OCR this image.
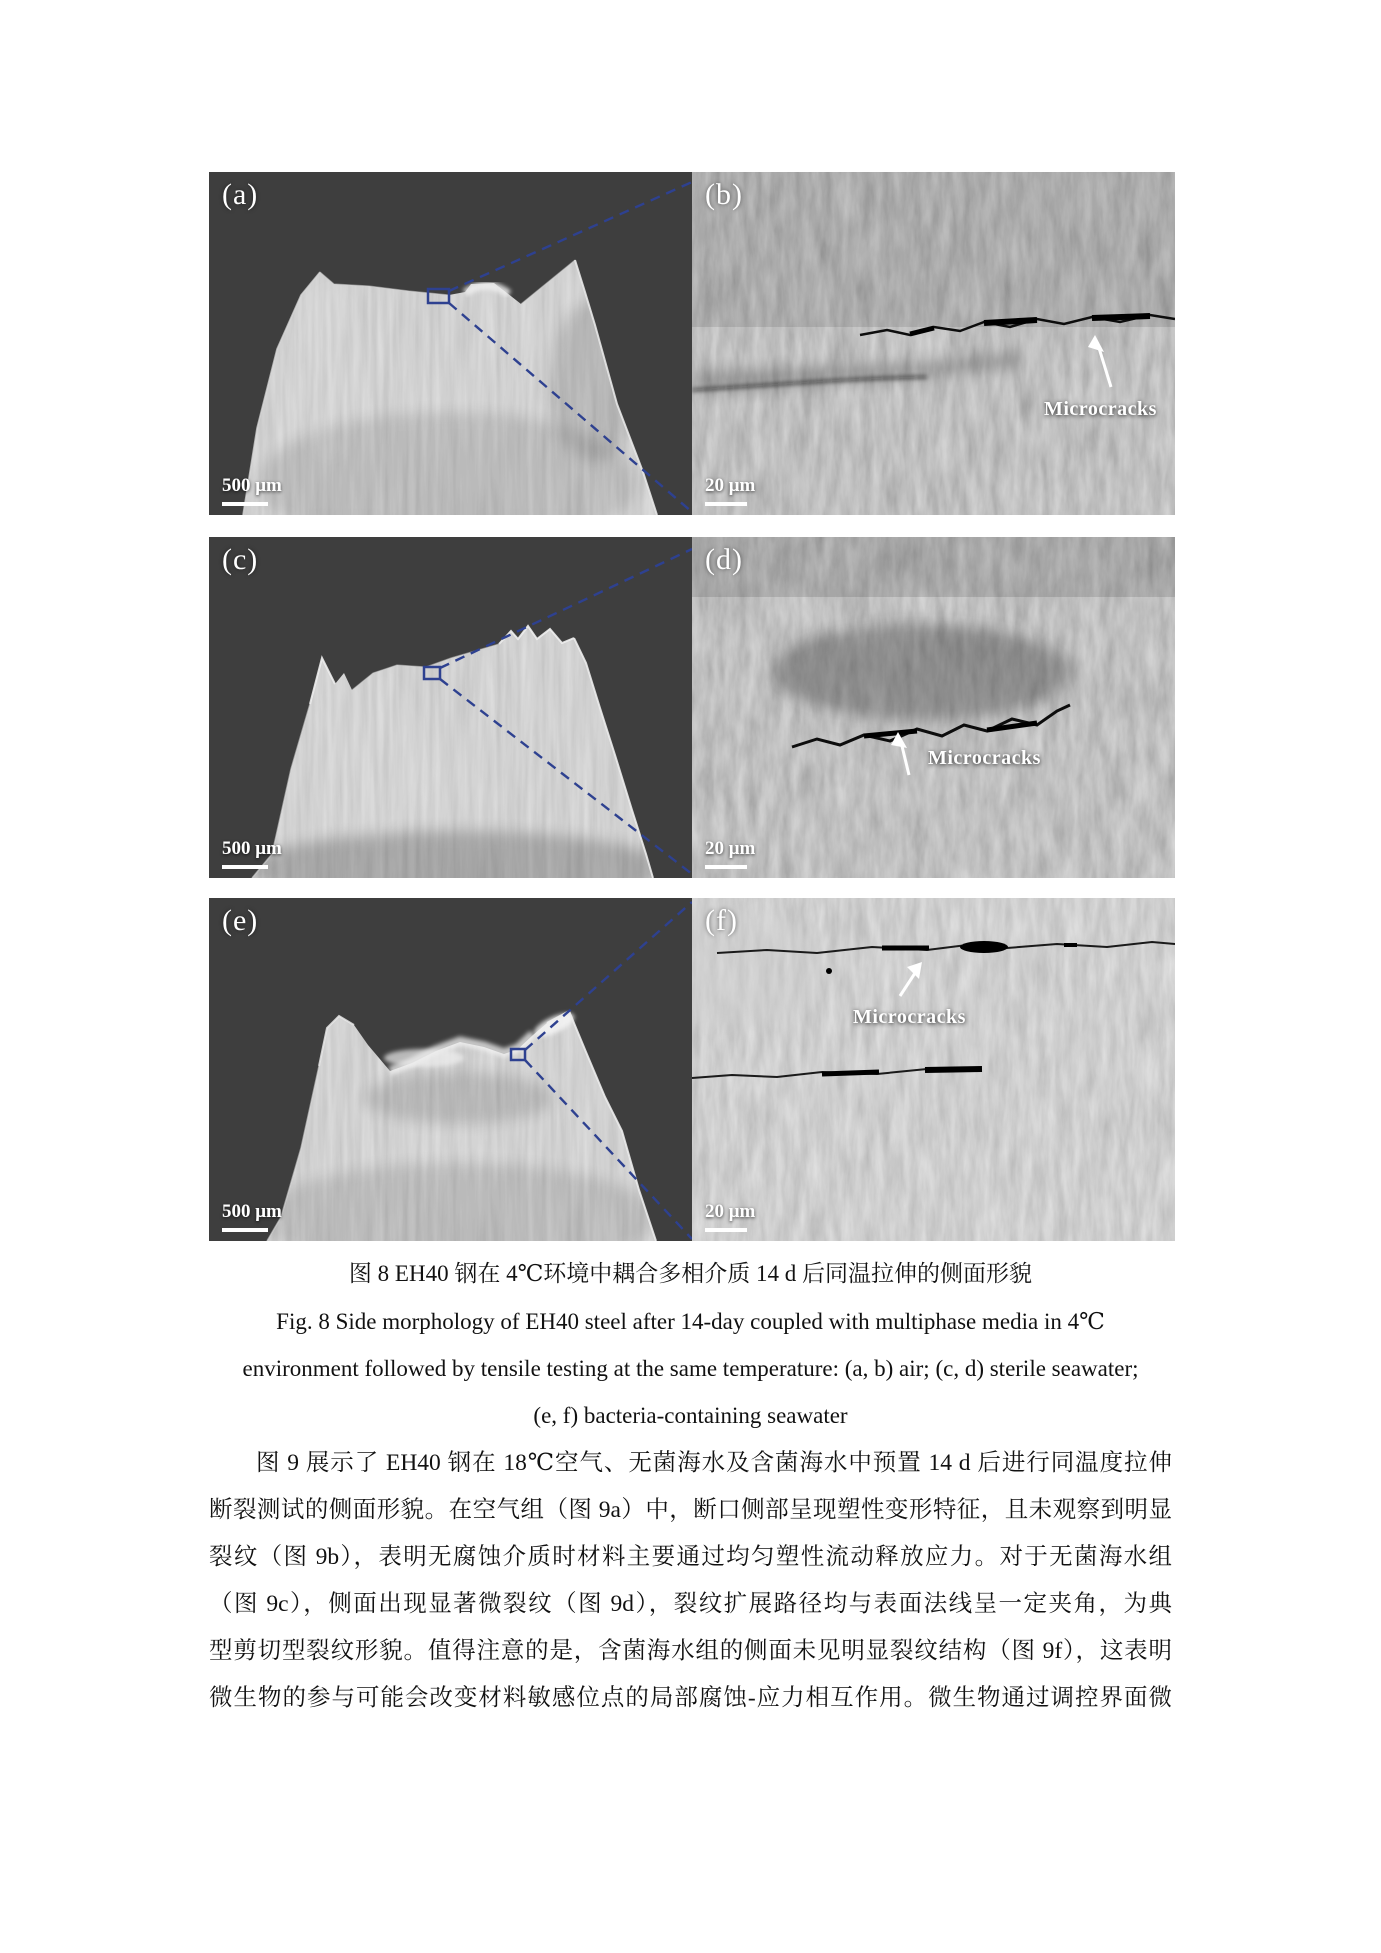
(a)
500 μm
(b)
Microcracks
20 μm
(c)
500 μm
(d)
Microcracks
20 μm
(e)
500 μm
(f)
Microcracks
20 μm
图 8 EH40 钢在 4℃环境中耦合多相介质 14 d 后同温拉伸的侧面形貌
Fig. 8 Side morphology of EH40 steel after 14-day coupled with multiphase media in 4℃
environment followed by tensile testing at the same temperature: (a, b) air; (c, d) sterile seawater;
(e, f) bacteria-containing seawater
图 9 展示了 EH40 钢在 18℃空气、无菌海水及含菌海水中预置 14 d 后进行同温度拉伸
断裂测试的侧面形貌。在空气组（图 9a）中，断口侧部呈现塑性变形特征，且未观察到明显
裂纹（图 9b），表明无腐蚀介质时材料主要通过均匀塑性流动释放应力。对于无菌海水组
（图 9c），侧面出现显著微裂纹（图 9d），裂纹扩展路径均与表面法线呈一定夹角，为典
型剪切型裂纹形貌。值得注意的是，含菌海水组的侧面未见明显裂纹结构（图 9f），这表明
微生物的参与可能会改变材料敏感位点的局部腐蚀-应力相互作用。微生物通过调控界面微
